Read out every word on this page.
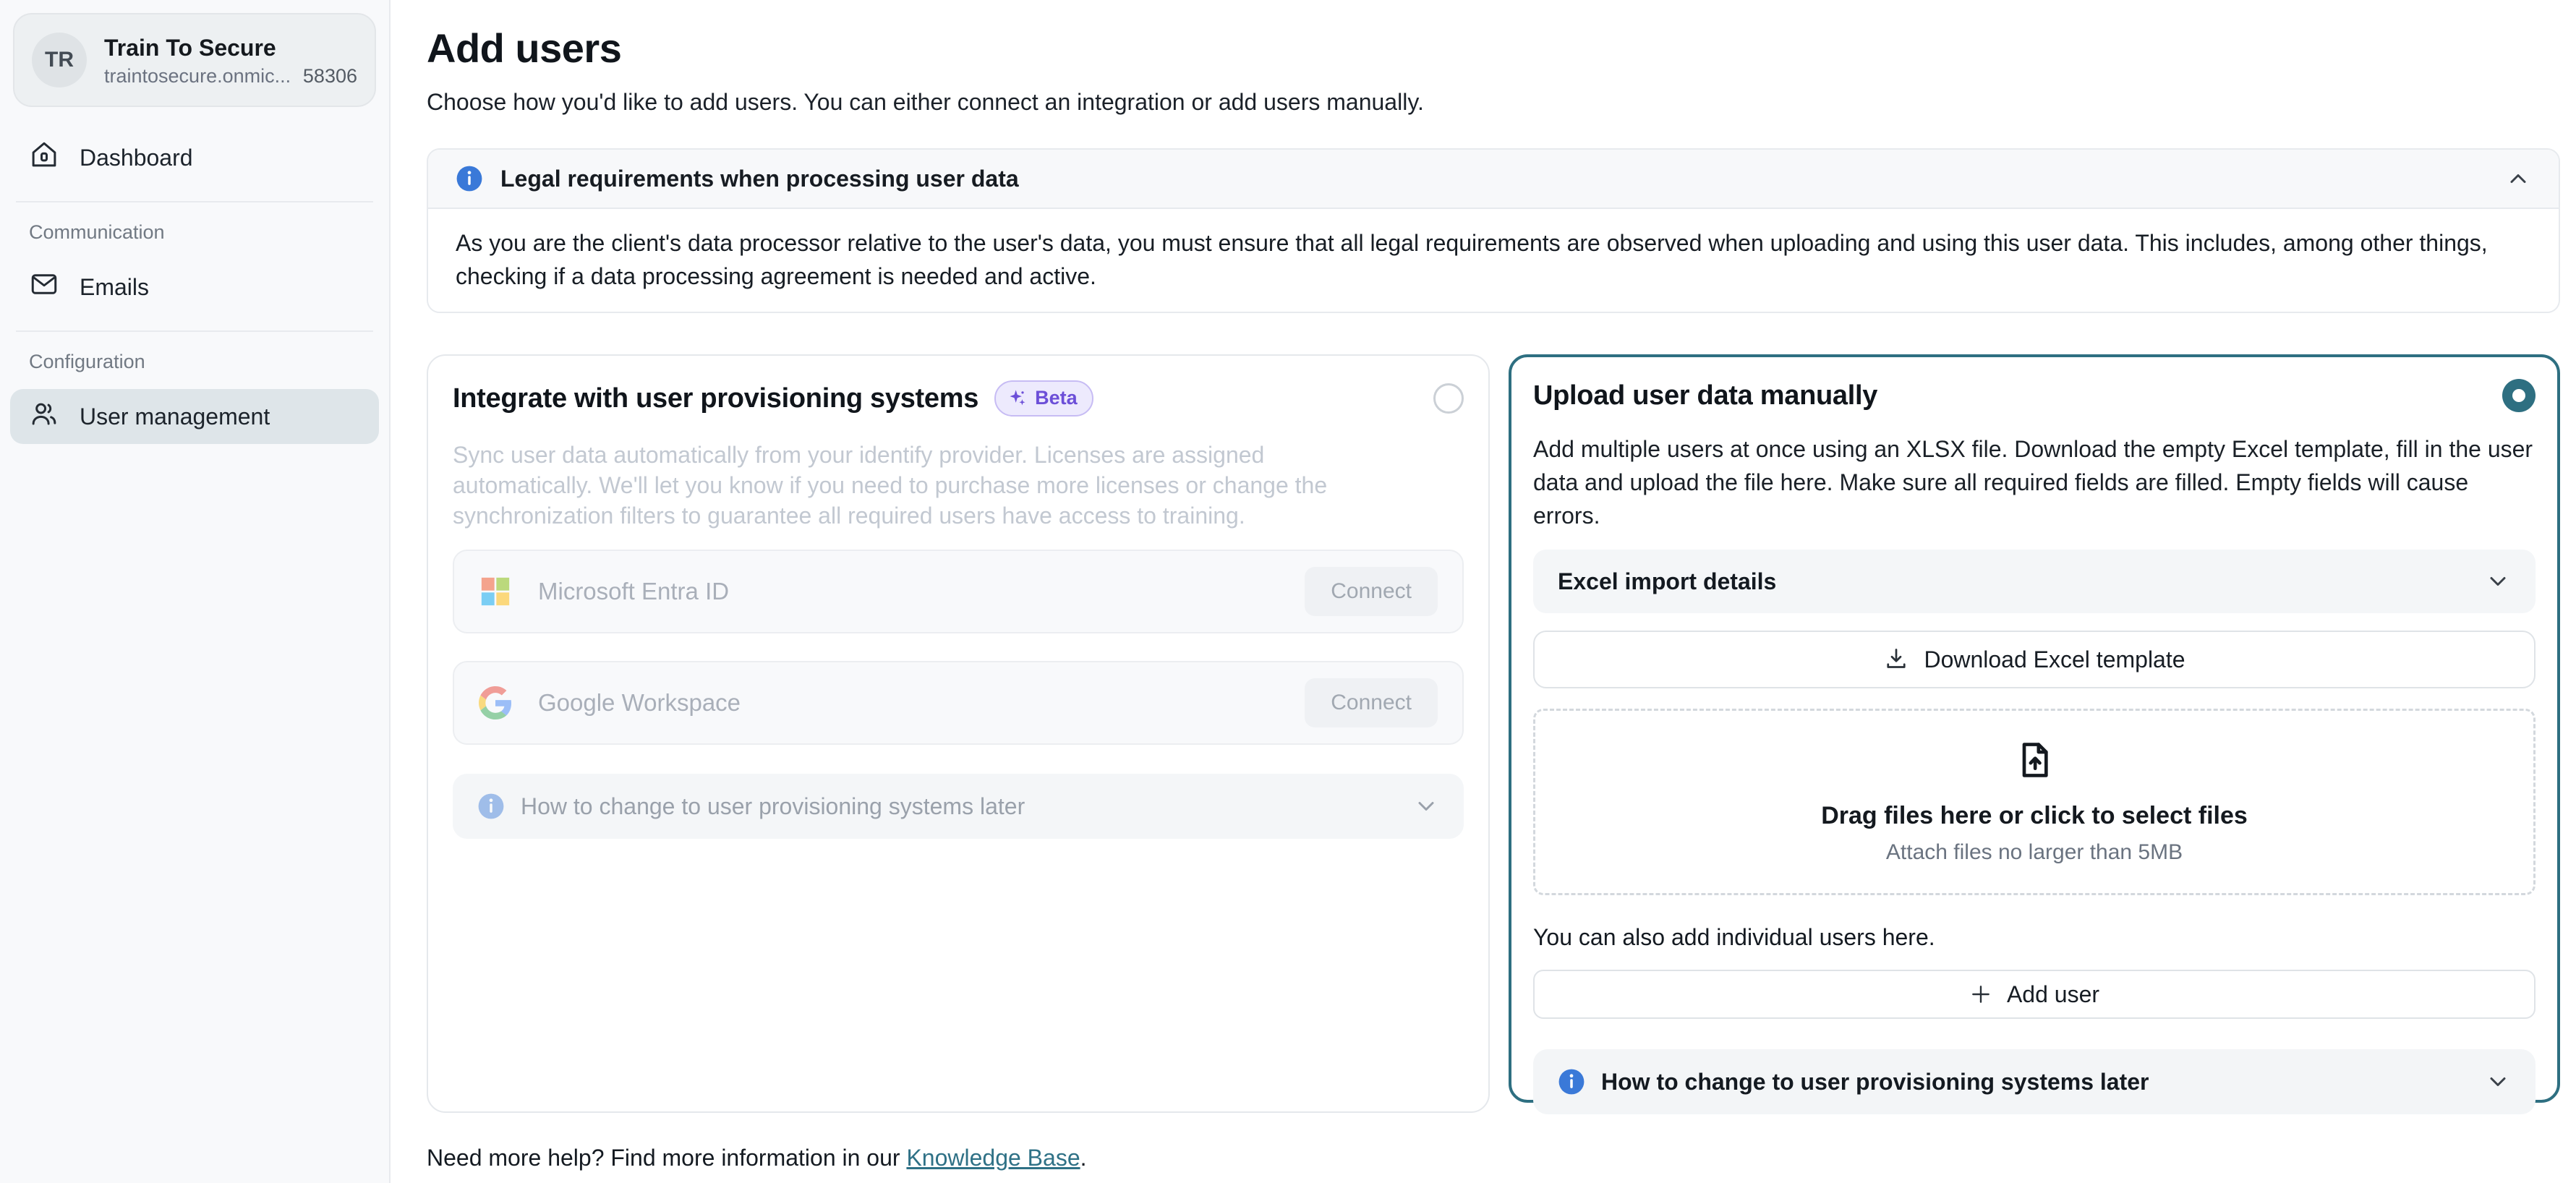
TR Train To Secure
traintosecure.onmic... 58306
Dashboard
Communication
Emails
Configuration
User management
Add users

Choose how you'd like to add users. You can either connect an integration or add users manually.

Legal requirements when processing user data
As you are the client's data processor relative to the user's data, you must ensure that all legal requirements are observed when uploading and using this user data. This includes, among other things, checking if a data processing agreement is needed and active.
Integrate with user provisioning systems	Beta

Sync user data automatically from your identify provider. Licenses are assigned automatically. We'll let you know if you need to purchase more licenses or change the synchronization filters to guarantee all required users have access to training.

Microsoft Entra ID	Connect
Google Workspace	Connect
How to change to user provisioning systems later
Upload user data manually

Add multiple users at once using an XLSX file. Download the empty Excel template, fill in the user data and upload the file here. Make sure all required fields are filled. Empty fields will cause errors.

Excel import details
Download Excel template
Drag files here or click to select files
Attach files no larger than 5MB

You can also add individual users here.

Add user
How to change to user provisioning systems later

Need more help? Find more information in our Knowledge Base.
